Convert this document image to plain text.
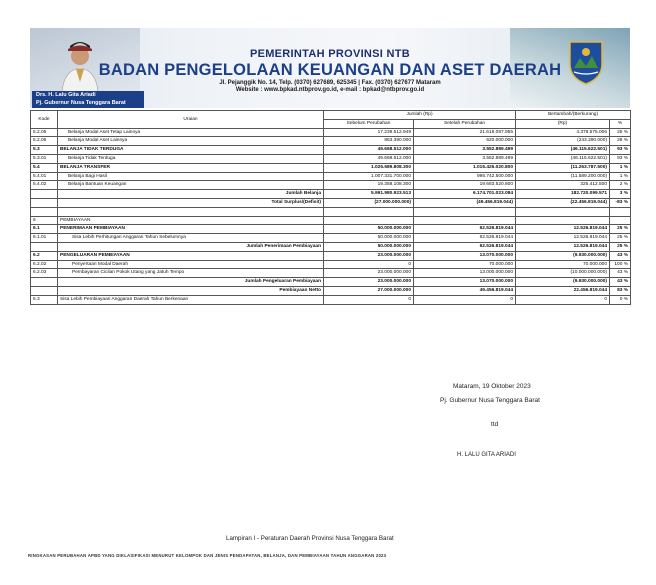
Drs. H. Lalu Gita Ariadi
Pj. Gubernur Nusa Tenggara Barat
PEMERINTAH PROVINSI NTB
BADAN PENGELOLAAN KEUANGAN DAN ASET DAERAH
Jl. Pejanggik No. 14, Telp. (0370) 627689, 625345 | Fax. (0370) 627677 Mataram
Website : www.bpkad.ntbprov.go.id, e-mail : bpkad@ntbprov.go.id
Kode	Uraian	Jumlah (Rp)		Bertambah/(Berkurang)	
		Sebelum Perubahan	Setelah Perubahan	(Rp)	%
5.2.05	Belanja Modal Aset Tetap Lainnya	17.239.512.949	21.618.087.955	4.378.575.006	25 %
5.2.06	Belanja Modal Aset Lainnya	863.390.000	620.000.000	(243.390.000)	28 %
5.3	BELANJA TIDAK TERDUGA	49.668.512.000	3.552.889.499	(46.115.622.501)	93 %
5.3.01	Belanja Tidak Terduga	49.668.512.000	3.552.889.499	(46.115.622.501)	93 %
5.4	BELANJA TRANSFER	1.026.689.808.300	1.015.426.020.800	(11.263.787.500)	1 %
5.4.01	Belanja Bagi Hasil	1.007.331.700.000	995.742.500.000	(11.589.200.000)	1 %
5.4.02	Belanja Bantuan Keuangan	19.358.108.300	19.683.520.800	325.412.500	2 %
	Jumlah Belanja	5.991.980.923.513	6.174.701.023.084	182.720.099.571	3 %
	Total Surplus/(Defisit)	(27.000.000.000)	(49.456.819.044)	(22.456.819.044)	-83 %

6	PEMBIAYAAN				
6.1	PENERIMAAN PEMBIAYAAN	50.000.000.000	62.526.819.044	12.526.819.044	25 %
6.1.01	Sisa Lebih Perhitungan Anggaran Tahun Sebelumnya	50.000.000.000	62.526.819.044	12.526.819.044	25 %
	Jumlah Penerimaan Pembiayaan	50.000.000.000	62.526.819.044	12.526.819.044	25 %
6.2	PENGELUARAN PEMBIAYAAN	23.000.000.000	13.070.000.000	(9.930.000.000)	43 %
6.2.02	Penyertaan Modal Daerah	0	70.000.000	70.000.000	100 %
6.2.03	Pembayaran Cicilan Pokok Utang yang Jatuh Tempo	23.000.000.000	13.000.000.000	(10.000.000.000)	43 %
	Jumlah Pengeluaran Pembiayaan	23.000.000.000	13.070.000.000	(9.930.000.000)	43 %
	Pembiayaan Netto	27.000.000.000	49.456.819.044	22.456.819.044	83 %
6.3	Sisa Lebih Pembiayaan Anggaran Daerah Tahun Berkenaan	0	0	0	0 %
Mataram, 19 Oktober 2023
Pj. Gubernur Nusa Tenggara Barat
ttd
H. LALU GITA ARIADI
Lampiran I - Peraturan Daerah Provinsi Nusa Tenggara Barat
RINGKASAN PERUBAHAN APBD YANG DIKLASIFIKASI MENURUT KELOMPOK DAN JENIS PENDAPATAN, BELANJA, DAN PEMBIAYAAN TAHUN ANGGARAN 2023
